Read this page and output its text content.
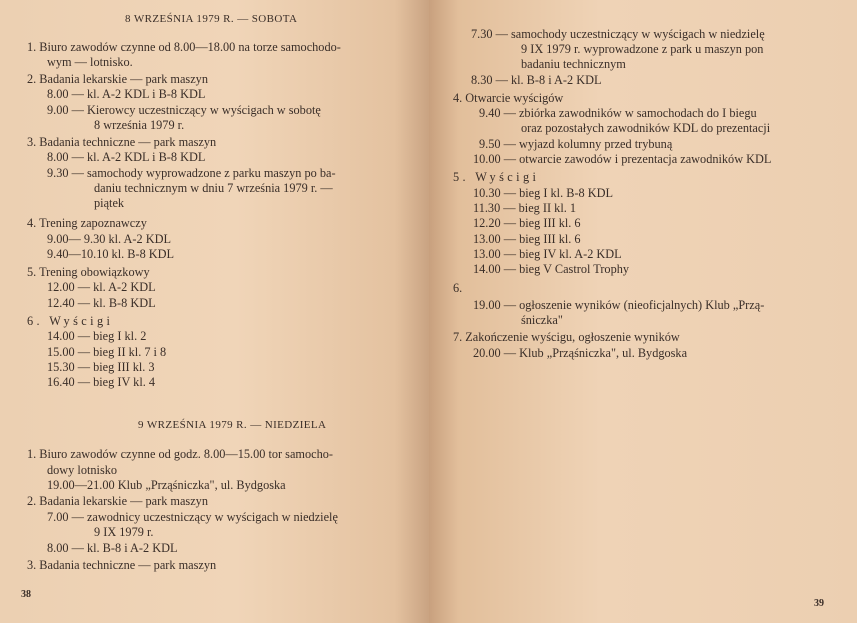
8 WRZEŚNIA 1979 R. — SOBOTA
1. Biuro zawodów czynne od 8.00—18.00 na torze samochodo-
wym — lotnisko.
2. Badania lekarskie — park maszyn
8.00 — kl. A-2 KDL i B-8 KDL
9.00 — Kierowcy uczestniczący w wyścigach w sobotę
8 września 1979 r.
3. Badania techniczne — park maszyn
8.00 — kl. A-2 KDL i B-8 KDL
9.30 — samochody wyprowadzone z parku maszyn po ba-
daniu technicznym w dniu 7 września 1979 r. —
piątek
4. Trening zapoznawczy
9.00— 9.30 kl. A-2 KDL
9.40—10.10 kl. B-8 KDL
5. Trening obowiązkowy
12.00 — kl. A-2 KDL
12.40 — kl. B-8 KDL
6. Wyścigi
14.00 — bieg I kl. 2
15.00 — bieg II kl. 7 i 8
15.30 — bieg III kl. 3
16.40 — bieg IV kl. 4
9 WRZEŚNIA 1979 R. — NIEDZIELA
1. Biuro zawodów czynne od godz. 8.00—15.00 tor samocho-
dowy lotnisko
19.00—21.00 Klub „Prząśniczka", ul. Bydgoska
2. Badania lekarskie — park maszyn
7.00 — zawodnicy uczestniczący w wyścigach w niedzielę
9 IX 1979 r.
8.00 — kl. B-8 i A-2 KDL
3. Badania techniczne — park maszyn
38
7.30 — samochody uczestniczący w wyścigach w niedzielę
9 IX 1979 r. wyprowadzone z park u maszyn pon
badaniu technicznym
8.30 — kl. B-8 i A-2 KDL
4. Otwarcie wyścigów
9.40 — zbiórka zawodników w samochodach do I biegu
oraz pozostałych zawodników KDL do prezentacji
9.50 — wyjazd kolumny przed trybuną
10.00 — otwarcie zawodów i prezentacja zawodników KDL
5. Wyścigi
10.30 — bieg I kl. B-8 KDL
11.30 — bieg II kl. 1
12.20 — bieg III kl. 6
13.00 — bieg III kl. 6
13.00 — bieg IV kl. A-2 KDL
14.00 — bieg V Castrol Trophy
6.
19.00 — ogłoszenie wyników (nieoficjalnych) Klub „Przą-
śniczka"
7. Zakończenie wyścigu, ogłoszenie wyników
20.00 — Klub „Prząśniczka", ul. Bydgoska
39
